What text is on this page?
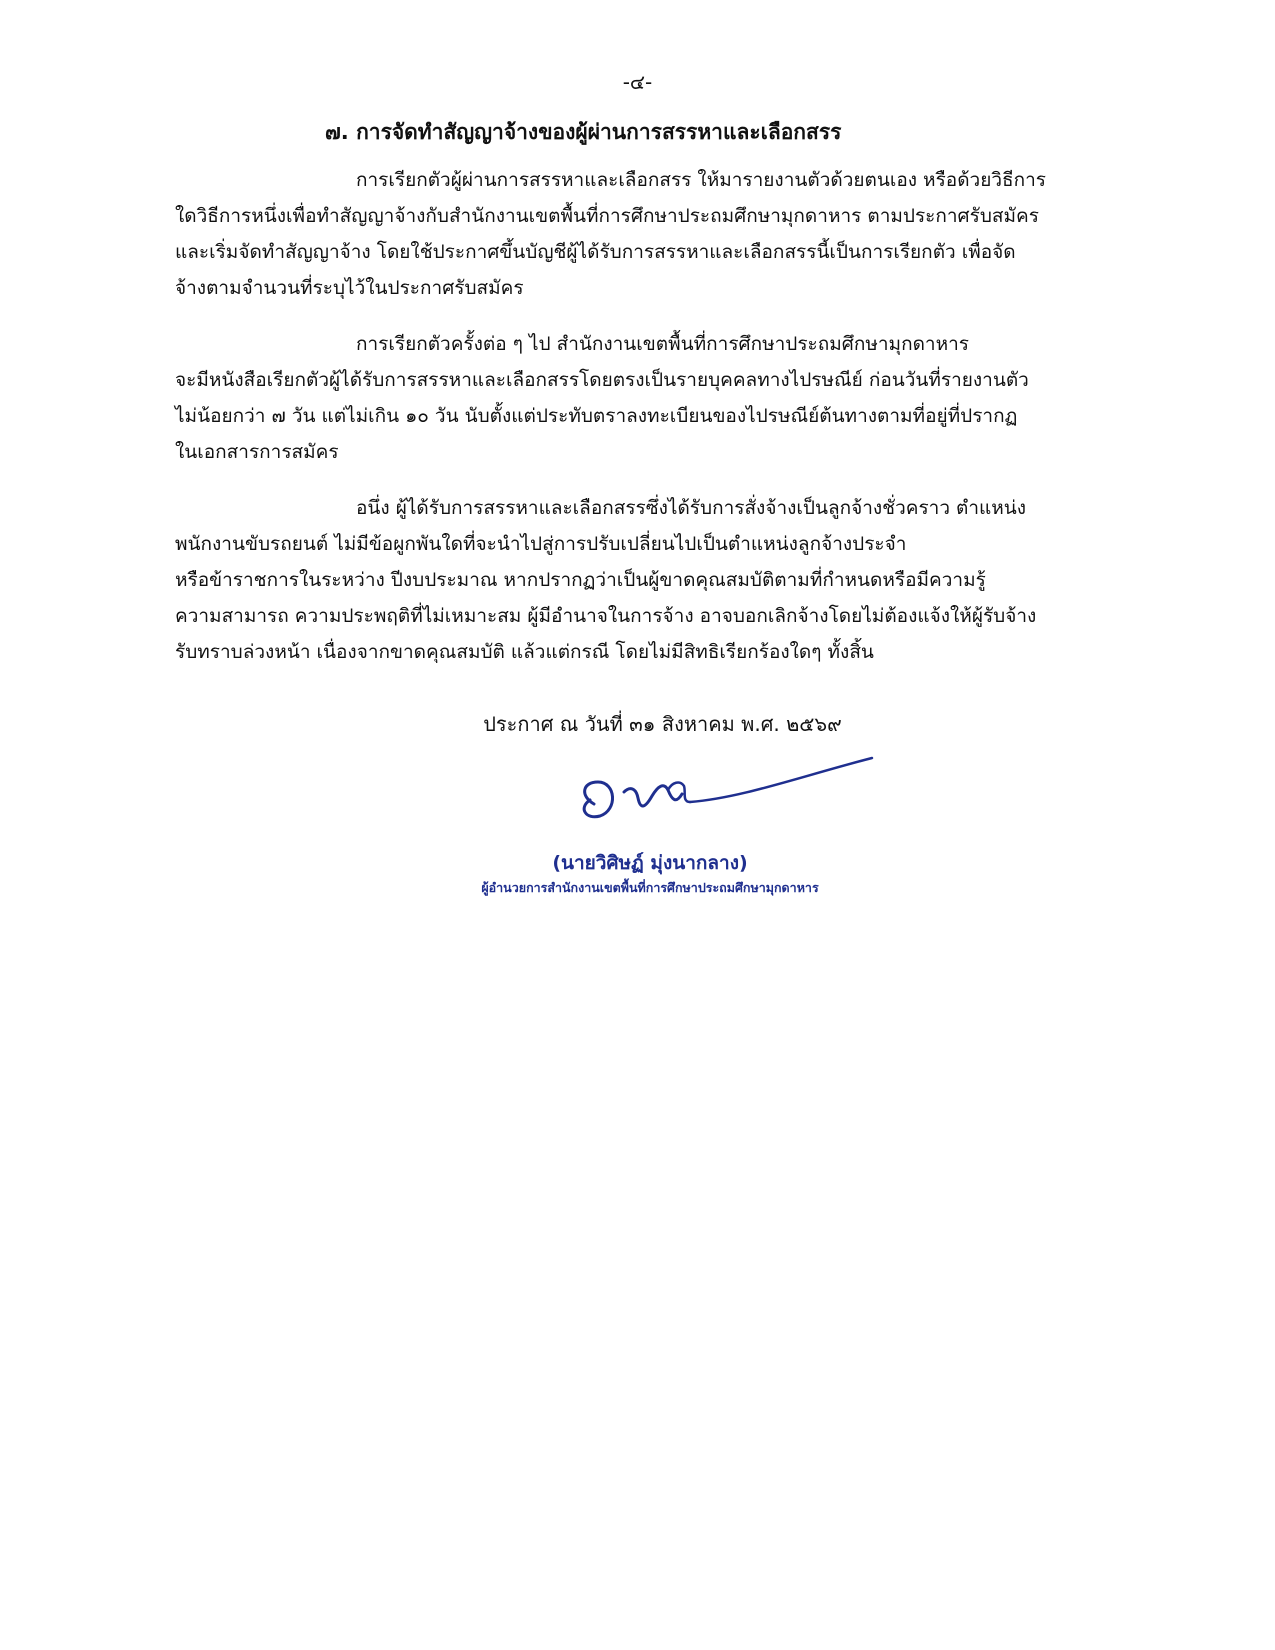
-๔-
๗. การจัดทำสัญญาจ้างของผู้ผ่านการสรรหาและเลือกสรร
การเรียกตัวผู้ผ่านการสรรหาและเลือกสรร ให้มารายงานตัวด้วยตนเอง หรือด้วยวิธีการ
ใดวิธีการหนึ่งเพื่อทำสัญญาจ้างกับสำนักงานเขตพื้นที่การศึกษาประถมศึกษามุกดาหาร ตามประกาศรับสมัคร
และเริ่มจัดทำสัญญาจ้าง โดยใช้ประกาศขึ้นบัญชีผู้ได้รับการสรรหาและเลือกสรรนี้เป็นการเรียกตัว เพื่อจัด
จ้างตามจำนวนที่ระบุไว้ในประกาศรับสมัคร
การเรียกตัวครั้งต่อ ๆ ไป สำนักงานเขตพื้นที่การศึกษาประถมศึกษามุกดาหาร
จะมีหนังสือเรียกตัวผู้ได้รับการสรรหาและเลือกสรรโดยตรงเป็นรายบุคคลทางไปรษณีย์ ก่อนวันที่รายงานตัว
ไม่น้อยกว่า ๗ วัน แต่ไม่เกิน ๑๐ วัน นับตั้งแต่ประทับตราลงทะเบียนของไปรษณีย์ต้นทางตามที่อยู่ที่ปรากฏ
ในเอกสารการสมัคร
อนึ่ง ผู้ได้รับการสรรหาและเลือกสรรซึ่งได้รับการสั่งจ้างเป็นลูกจ้างชั่วคราว ตำแหน่ง
พนักงานขับรถยนต์ ไม่มีข้อผูกพันใดที่จะนำไปสู่การปรับเปลี่ยนไปเป็นตำแหน่งลูกจ้างประจำ
หรือข้าราชการในระหว่าง ปีงบประมาณ หากปรากฏว่าเป็นผู้ขาดคุณสมบัติตามที่กำหนดหรือมีความรู้
ความสามารถ ความประพฤติที่ไม่เหมาะสม ผู้มีอำนาจในการจ้าง อาจบอกเลิกจ้างโดยไม่ต้องแจ้งให้ผู้รับจ้าง
รับทราบล่วงหน้า เนื่องจากขาดคุณสมบัติ แล้วแต่กรณี โดยไม่มีสิทธิเรียกร้องใดๆ ทั้งสิ้น
ประกาศ ณ วันที่ ๓๑ สิงหาคม พ.ศ. ๒๕๖๙
(นายวิศิษฏ์ มุ่งนากลาง)
ผู้อำนวยการสำนักงานเขตพื้นที่การศึกษาประถมศึกษามุกดาหาร
